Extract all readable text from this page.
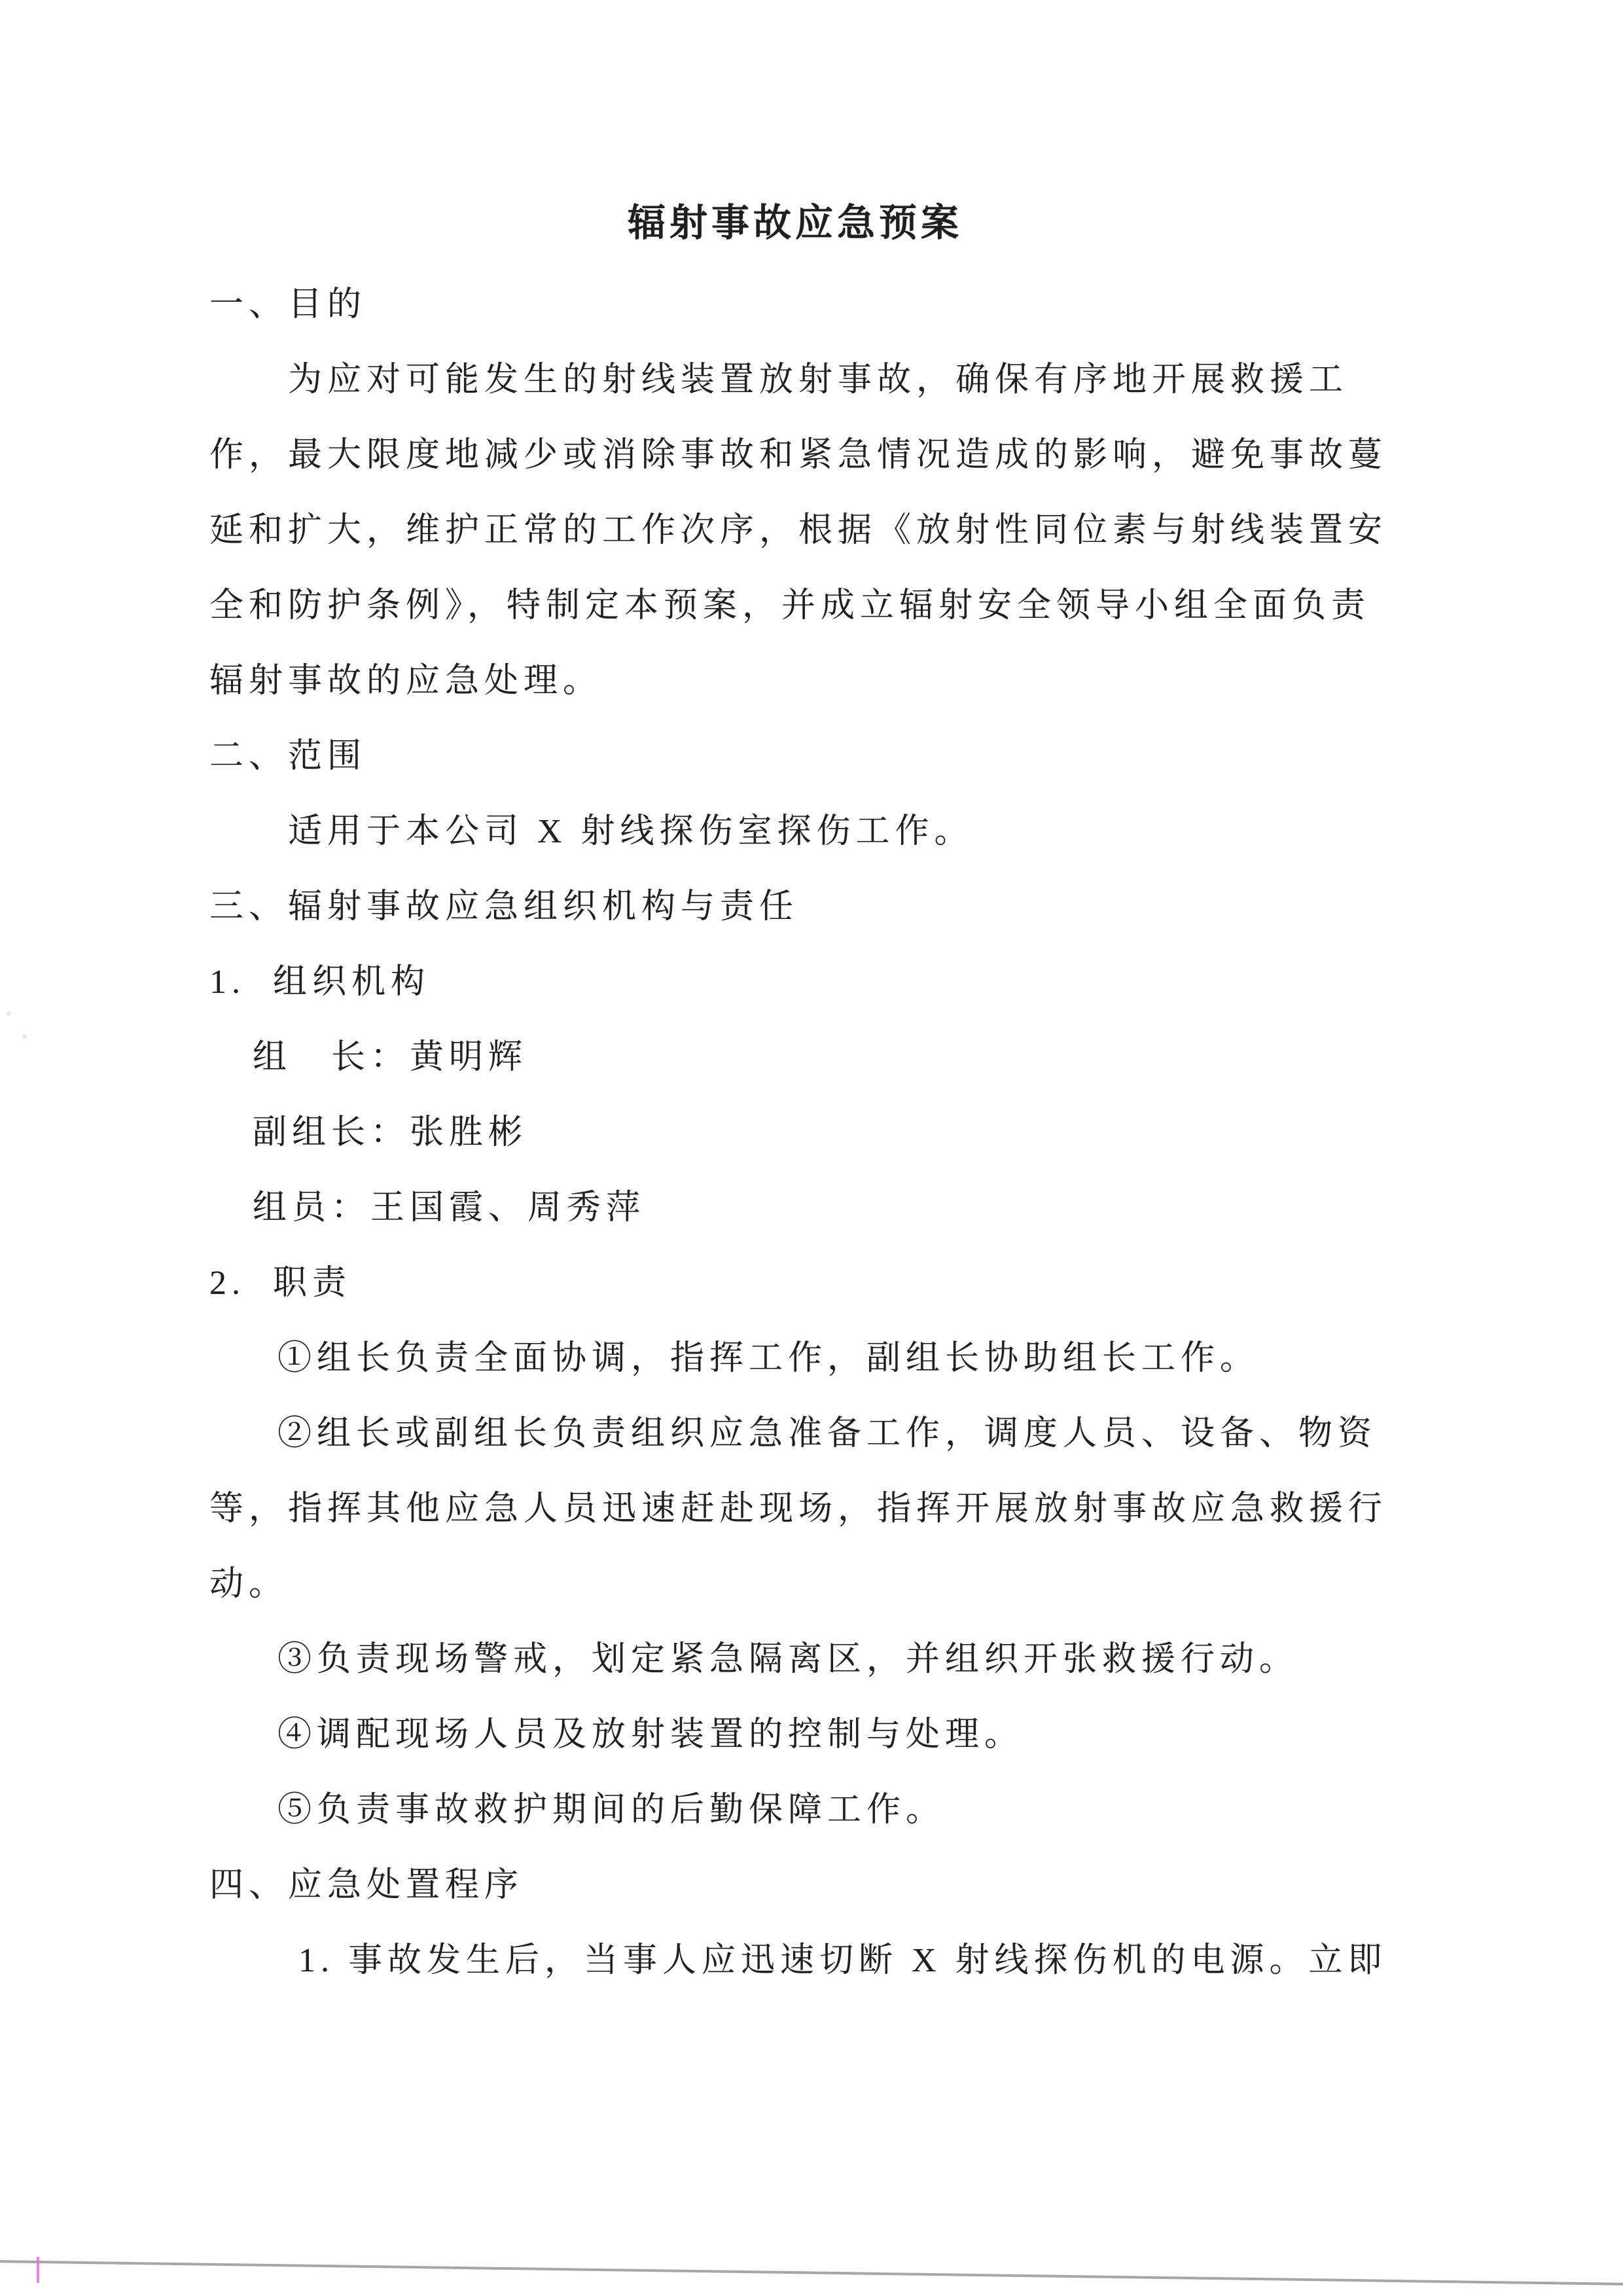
辐射事故应急预案
一、目的
为应对可能发生的射线装置放射事故，确保有序地开展救援工
作，最大限度地减少或消除事故和紧急情况造成的影响，避免事故蔓
延和扩大，维护正常的工作次序，根据《放射性同位素与射线装置安
全和防护条例》，特制定本预案，并成立辐射安全领导小组全面负责
辐射事故的应急处理。
二、范围
适用于本公司 X 射线探伤室探伤工作。
三、辐射事故应急组织机构与责任
1.  组织机构
组　长：黄明辉
副组长：张胜彬
组员：王国霞、周秀萍
2.  职责
①组长负责全面协调，指挥工作，副组长协助组长工作。
②组长或副组长负责组织应急准备工作，调度人员、设备、物资
等，指挥其他应急人员迅速赶赴现场，指挥开展放射事故应急救援行
动。
③负责现场警戒，划定紧急隔离区，并组织开张救援行动。
④调配现场人员及放射装置的控制与处理。
⑤负责事故救护期间的后勤保障工作。
四、应急处置程序
1. 事故发生后，当事人应迅速切断 X 射线探伤机的电源。立即
